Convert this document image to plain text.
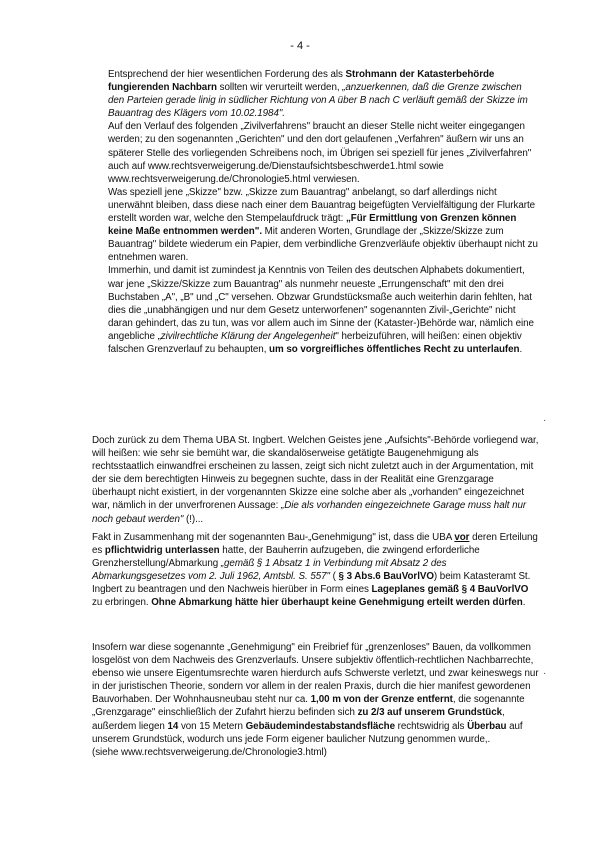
- 4 -

Entsprechend der hier wesentlichen Forderung des als Strohmann der Katasterbehörde fungierenden Nachbarn sollten wir verurteilt werden, „anzuerkennen, daß die Grenze zwischen den Parteien gerade linig in südlicher Richtung von A über B nach C verläuft gemäß der Skizze im Bauantrag des Klägers vom 10.02.1984".

Auf den Verlauf des folgenden „Zivilverfahrens" braucht an dieser Stelle nicht weiter eingegangen werden; zu den sogenannten „Gerichten" und den dort gelaufenen „Verfahren" äußern wir uns an späterer Stelle des vorliegenden Schreibens noch, im Übrigen sei speziell für jenes „Zivilverfahren" auch auf www.rechtsverweigerung.de/Dienstaufsichtsbeschwerde1.html sowie www.rechtsverweigerung.de/Chronologie5.html verwiesen.

Was speziell jene „Skizze" bzw. „Skizze zum Bauantrag" anbelangt, so darf allerdings nicht unerwähnt bleiben, dass diese nach einer dem Bauantrag beigefügten Vervielfältigung der Flurkarte erstellt worden war, welche den Stempelaufdruck trägt: „Für Ermittlung von Grenzen können keine Maße entnommen werden". Mit anderen Worten, Grundlage der „Skizze/Skizze zum Bauantrag" bildete wiederum ein Papier, dem verbindliche Grenzverläufe objektiv überhaupt nicht zu entnehmen waren.

Immerhin, und damit ist zumindest ja Kenntnis von Teilen des deutschen Alphabets dokumentiert, war jene „Skizze/Skizze zum Bauantrag" als nunmehr neueste „Errungenschaft" mit den drei Buchstaben „A", „B" und „C" versehen. Obzwar Grundstücksmaße auch weiterhin darin fehlten, hat dies die „unabhängigen und nur dem Gesetz unterworfenen" sogenannten Zivil-„Gerichte" nicht daran gehindert, das zu tun, was vor allem auch im Sinne der (Kataster-)Behörde war, nämlich eine angebliche „zivilrechtliche Klärung der Angelegenheit" herbeizuführen, will heißen: einen objektiv falschen Grenzverlauf zu behaupten, um so vorgreifliches öffentliches Recht zu unterlaufen.

Doch zurück zu dem Thema UBA St. Ingbert. Welchen Geistes jene „Aufsichts"-Behörde vorliegend war, will heißen: wie sehr sie bemüht war, die skandalöserweise getätigte Baugenehmigung als rechtsstaatlich einwandfrei erscheinen zu lassen, zeigt sich nicht zuletzt auch in der Argumentation, mit der sie dem berechtigten Hinweis zu begegnen suchte, dass in der Realität eine Grenzgarage überhaupt nicht existiert, in der vorgenannten Skizze eine solche aber als „vorhanden" eingezeichnet war, nämlich in der unverfrorenen Aussage: „Die als vorhanden eingezeichnete Garage muss halt nur noch gebaut werden" (!)...

Fakt in Zusammenhang mit der sogenannten Bau-„Genehmigung" ist, dass die UBA vor deren Erteilung es pflichtwidrig unterlassen hatte, der Bauherrin aufzugeben, die zwingend erforderliche Grenzherstellung/Abmarkung „gemäß § 1 Absatz 1 in Verbindung mit Absatz 2 des Abmarkungsgesetzes vom 2. Juli 1962, Amtsbl. S. 557" ( § 3 Abs.6 BauVorlVO) beim Katasteramt St. Ingbert zu beantragen und den Nachweis hierüber in Form eines Lageplanes gemäß § 4 BauVorlVO zu erbringen. Ohne Abmarkung hätte hier überhaupt keine Genehmigung erteilt werden dürfen.

Insofern war diese sogenannte „Genehmigung" ein Freibrief für „grenzenloses" Bauen, da vollkommen losgelöst von dem Nachweis des Grenzverlaufs. Unsere subjektiv öffentlich-rechtlichen Nachbarrechte, ebenso wie unsere Eigentumsrechte waren hierdurch aufs Schwerste verletzt, und zwar keineswegs nur in der juristischen Theorie, sondern vor allem in der realen Praxis, durch die hier manifest gewordenen Bauvorhaben. Der Wohnhausneubau steht nur ca. 1,00 m von der Grenze entfernt, die sogenannte „Grenzgarage" einschließlich der Zufahrt hierzu befinden sich zu 2/3 auf unserem Grundstück, außerdem liegen 14 von 15 Metern Gebäudemindestabstandsfläche rechtswidrig als Überbau auf unserem Grundstück, wodurch uns jede Form eigener baulicher Nutzung genommen wurde,.
(siehe www.rechtsverweigerung.de/Chronologie3.html)

·
·
